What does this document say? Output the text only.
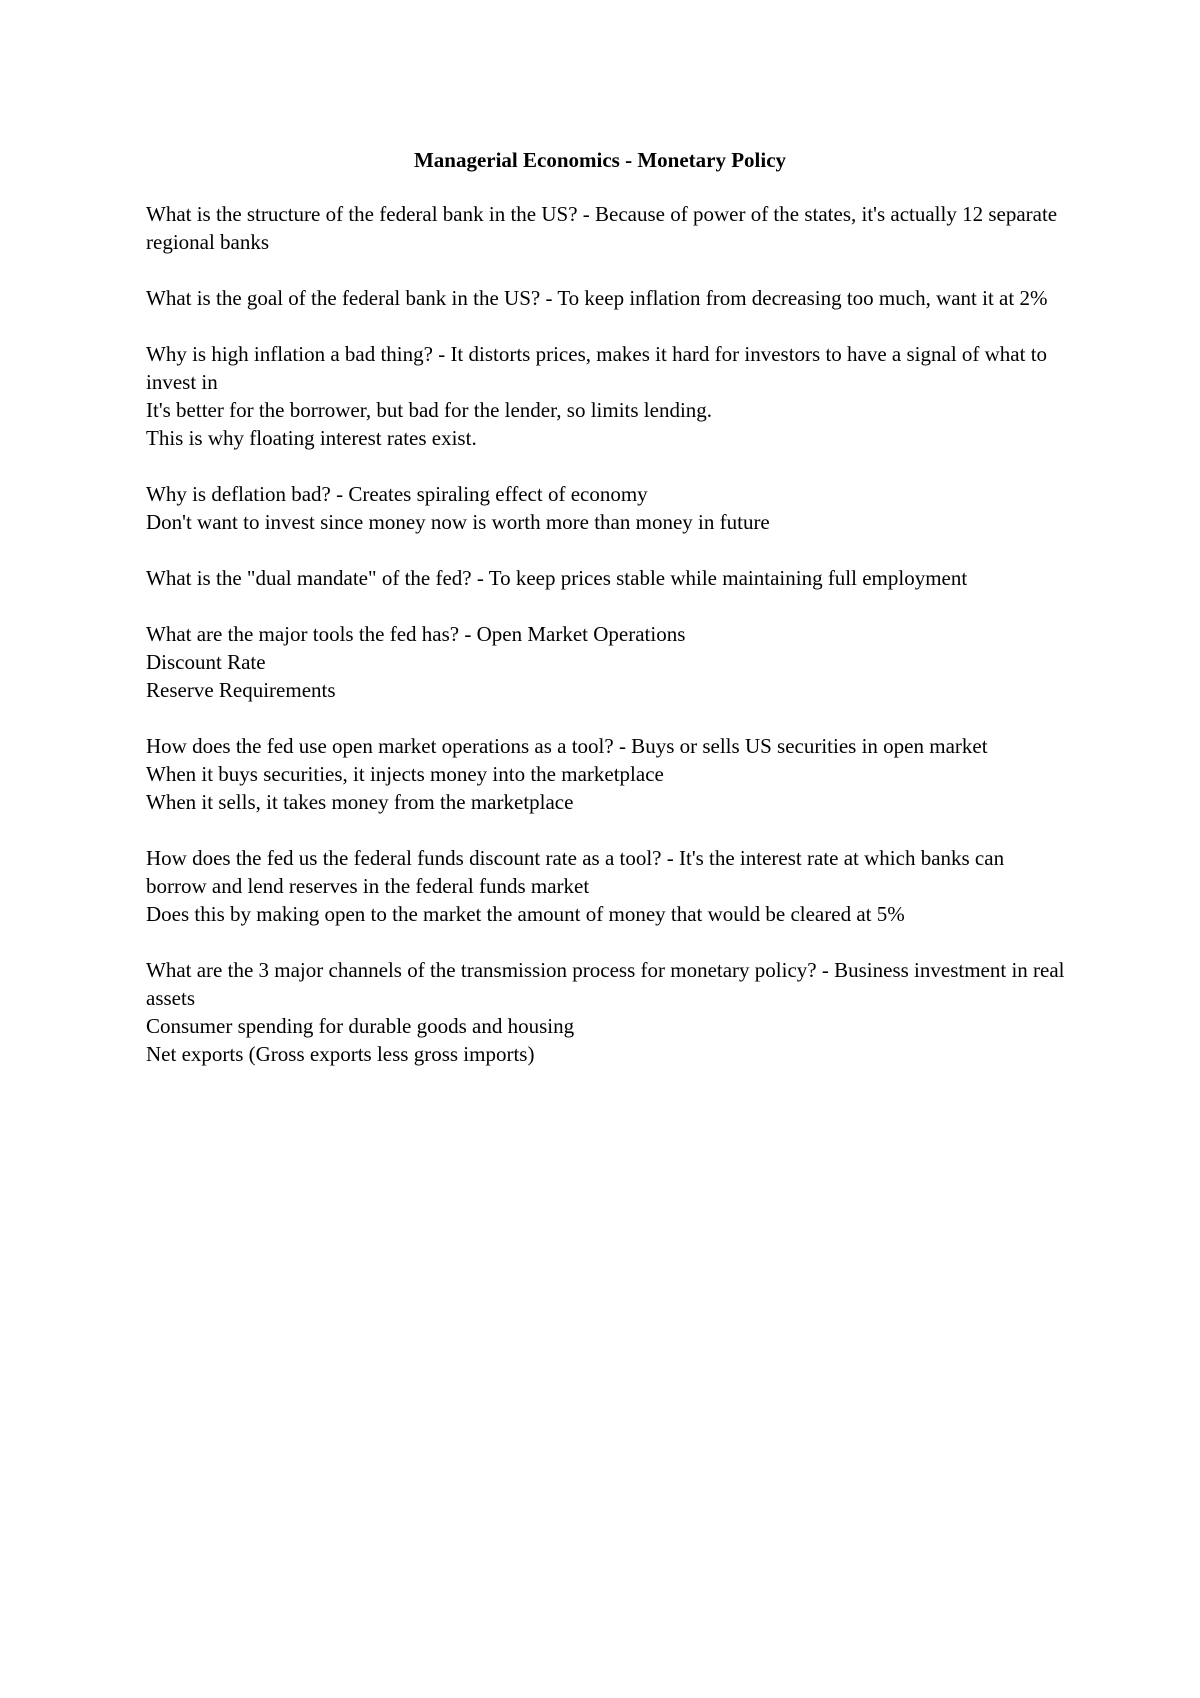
Managerial Economics - Monetary Policy
What is the structure of the federal bank in the US? - Because of power of the states, it's actually 12 separate regional banks
What is the goal of the federal bank in the US? - To keep inflation from decreasing too much, want it at 2%
Why is high inflation a bad thing? - It distorts prices, makes it hard for investors to have a signal of what to invest in
It's better for the borrower, but bad for the lender, so limits lending.
This is why floating interest rates exist.
Why is deflation bad? - Creates spiraling effect of economy
Don't want to invest since money now is worth more than money in future
What is the "dual mandate" of the fed? - To keep prices stable while maintaining full employment
What are the major tools the fed has? - Open Market Operations
Discount Rate
Reserve Requirements
How does the fed use open market operations as a tool? - Buys or sells US securities in open market
When it buys securities, it injects money into the marketplace
When it sells, it takes money from the marketplace
How does the fed us the federal funds discount rate as a tool? - It's the interest rate at which banks can borrow and lend reserves in the federal funds market
Does this by making open to the market the amount of money that would be cleared at 5%
What are the 3 major channels of the transmission process for monetary policy? - Business investment in real assets
Consumer spending for durable goods and housing
Net exports (Gross exports less gross imports)
